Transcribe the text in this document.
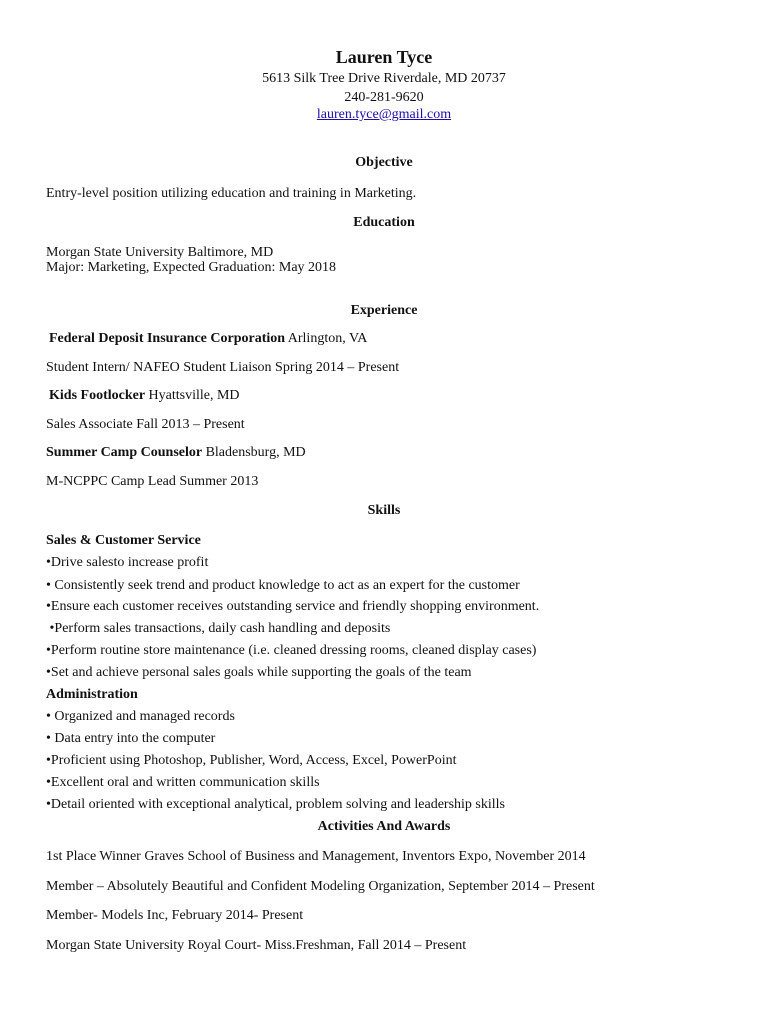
Lauren Tyce
5613 Silk Tree Drive Riverdale, MD 20737
240-281-9620
lauren.tyce@gmail.com
Objective
Entry-level position utilizing education and training in Marketing.
Education
Morgan State University Baltimore, MD
Major: Marketing, Expected Graduation: May 2018
Experience
Federal Deposit Insurance Corporation Arlington, VA
Student Intern/ NAFEO Student Liaison Spring 2014 – Present
Kids Footlocker Hyattsville, MD
Sales Associate Fall 2013 – Present
Summer Camp Counselor Bladensburg, MD
M-NCPPC Camp Lead Summer 2013
Skills
Sales & Customer Service
•Drive salesto increase profit
• Consistently seek trend and product knowledge to act as an expert for the customer
•Ensure each customer receives outstanding service and friendly shopping environment.
•Perform sales transactions, daily cash handling and deposits
•Perform routine store maintenance (i.e. cleaned dressing rooms, cleaned display cases)
•Set and achieve personal sales goals while supporting the goals of the team
Administration
• Organized and managed records
• Data entry into the computer
•Proficient using Photoshop, Publisher, Word, Access, Excel, PowerPoint
•Excellent oral and written communication skills
•Detail oriented with exceptional analytical, problem solving and leadership skills
Activities And Awards
1st Place Winner Graves School of Business and Management, Inventors Expo, November 2014
Member – Absolutely Beautiful and Confident Modeling Organization, September 2014 – Present
Member- Models Inc, February 2014- Present
Morgan State University Royal Court- Miss.Freshman, Fall 2014 – Present
